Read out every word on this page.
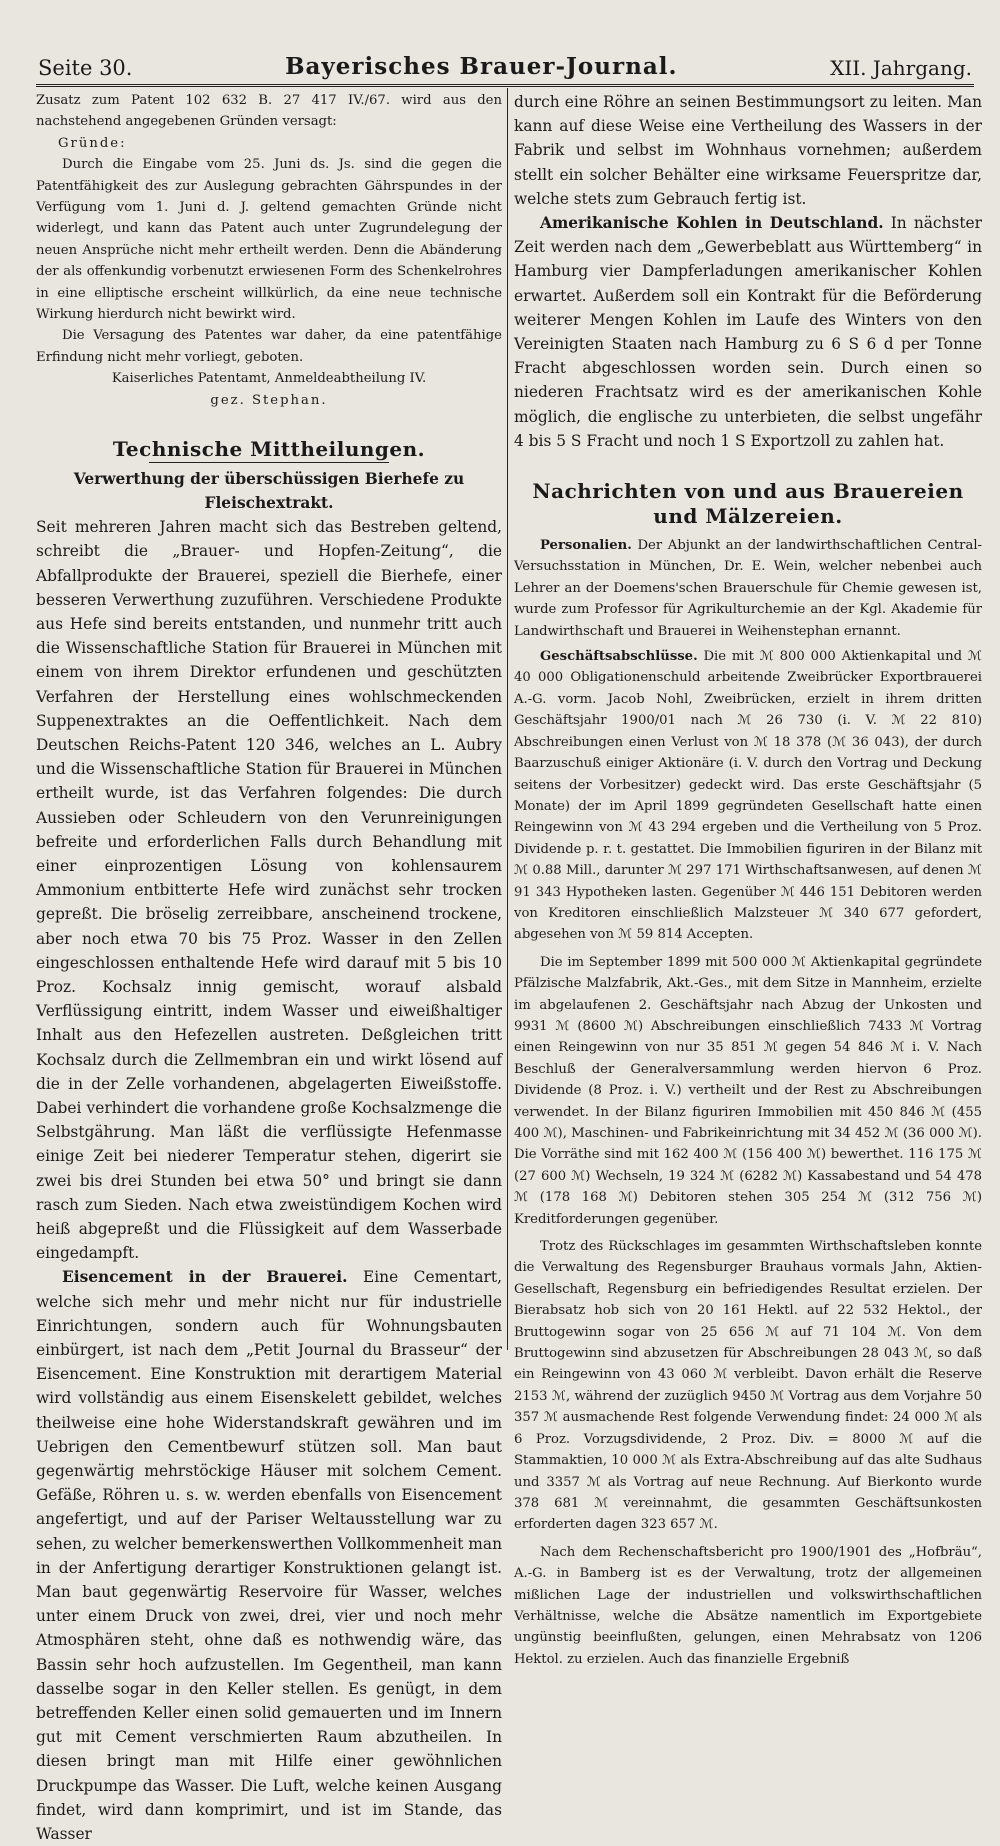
Seite 30.	Bayerisches Brauer-Journal.	XII. Jahrgang.

Zusatz zum Patent 102 632 B. 27 417 IV./67. wird aus den nachstehend angegebenen Gründen versagt:

Gründe:

Durch die Eingabe vom 25. Juni ds. Js. sind die gegen die Patentfähigkeit des zur Auslegung gebrachten Gährspundes in der Verfügung vom 1. Juni d. J. geltend gemachten Gründe nicht widerlegt, und kann das Patent auch unter Zugrundelegung der neuen Ansprüche nicht mehr ertheilt werden. Denn die Abänderung der als offenkundig vorbenutzt erwiesenen Form des Schenkelrohres in eine elliptische erscheint willkürlich, da eine neue technische Wirkung hierdurch nicht bewirkt wird.

Die Versagung des Patentes war daher, da eine patentfähige Erfindung nicht mehr vorliegt, geboten.

Kaiserliches Patentamt, Anmeldeabtheilung IV.

gez. Stephan.

Technische Mittheilungen.

Verwerthung der überschüssigen Bierhefe zu Fleischextrakt.

Seit mehreren Jahren macht sich das Bestreben geltend, schreibt die „Brauer- und Hopfen-Zeitung“, die Abfallprodukte der Brauerei, speziell die Bierhefe, einer besseren Verwerthung zuzuführen. Verschiedene Produkte aus Hefe sind bereits entstanden, und nunmehr tritt auch die Wissenschaftliche Station für Brauerei in München mit einem von ihrem Direktor erfundenen und geschützten Verfahren der Herstellung eines wohlschmeckenden Suppenextraktes an die Oeffentlichkeit. Nach dem Deutschen Reichs-Patent 120 346, welches an L. Aubry und die Wissenschaftliche Station für Brauerei in München ertheilt wurde, ist das Verfahren folgendes: Die durch Aussieben oder Schleudern von den Verunreinigungen befreite und erforderlichen Falls durch Behandlung mit einer einprozentigen Lösung von kohlensaurem Ammonium entbitterte Hefe wird zunächst sehr trocken gepreßt. Die bröselig zerreibbare, anscheinend trockene, aber noch etwa 70 bis 75 Proz. Wasser in den Zellen eingeschlossen enthaltende Hefe wird darauf mit 5 bis 10 Proz. Kochsalz innig gemischt, worauf alsbald Verflüssigung eintritt, indem Wasser und eiweißhaltiger Inhalt aus den Hefezellen austreten. Deßgleichen tritt Kochsalz durch die Zellmembran ein und wirkt lösend auf die in der Zelle vorhandenen, abgelagerten Eiweißstoffe. Dabei verhindert die vorhandene große Kochsalzmenge die Selbstgährung. Man läßt die verflüssigte Hefenmasse einige Zeit bei niederer Temperatur stehen, digerirt sie zwei bis drei Stunden bei etwa 50° und bringt sie dann rasch zum Sieden. Nach etwa zweistündigem Kochen wird heiß abgepreßt und die Flüssigkeit auf dem Wasserbade eingedampft.

Eisencement in der Brauerei. Eine Cementart, welche sich mehr und mehr nicht nur für industrielle Einrichtungen, sondern auch für Wohnungsbauten einbürgert, ist nach dem „Petit Journal du Brasseur“ der Eisencement. Eine Konstruktion mit derartigem Material wird vollständig aus einem Eisenskelett gebildet, welches theilweise eine hohe Widerstandskraft gewähren und im Uebrigen den Cementbewurf stützen soll. Man baut gegenwärtig mehrstöckige Häuser mit solchem Cement. Gefäße, Röhren u. s. w. werden ebenfalls von Eisencement angefertigt, und auf der Pariser Weltausstellung war zu sehen, zu welcher bemerkenswerthen Vollkommenheit man in der Anfertigung derartiger Konstruktionen gelangt ist. Man baut gegenwärtig Reservoire für Wasser, welches unter einem Druck von zwei, drei, vier und noch mehr Atmosphären steht, ohne daß es nothwendig wäre, das Bassin sehr hoch aufzustellen. Im Gegentheil, man kann dasselbe sogar in den Keller stellen. Es genügt, in dem betreffenden Keller einen solid gemauerten und im Innern gut mit Cement verschmierten Raum abzutheilen. In diesen bringt man mit Hilfe einer gewöhnlichen Druckpumpe das Wasser. Die Luft, welche keinen Ausgang findet, wird dann komprimirt, und ist im Stande, das Wasser

durch eine Röhre an seinen Bestimmungsort zu leiten. Man kann auf diese Weise eine Vertheilung des Wassers in der Fabrik und selbst im Wohnhaus vornehmen; außerdem stellt ein solcher Behälter eine wirksame Feuerspritze dar, welche stets zum Gebrauch fertig ist.

Amerikanische Kohlen in Deutschland. In nächster Zeit werden nach dem „Gewerbeblatt aus Württemberg“ in Hamburg vier Dampferladungen amerikanischer Kohlen erwartet. Außerdem soll ein Kontrakt für die Beförderung weiterer Mengen Kohlen im Laufe des Winters von den Vereinigten Staaten nach Hamburg zu 6 S 6 d per Tonne Fracht abgeschlossen worden sein. Durch einen so niederen Frachtsatz wird es der amerikanischen Kohle möglich, die englische zu unterbieten, die selbst ungefähr 4 bis 5 S Fracht und noch 1 S Exportzoll zu zahlen hat.

Nachrichten von und aus Brauereien und Mälzereien.

Personalien. Der Abjunkt an der landwirthschaftlichen Central-Versuchsstation in München, Dr. E. Wein, welcher nebenbei auch Lehrer an der Doemens'schen Brauerschule für Chemie gewesen ist, wurde zum Professor für Agrikulturchemie an der Kgl. Akademie für Landwirthschaft und Brauerei in Weihenstephan ernannt.

Geschäftsabschlüsse. Die mit ℳ 800 000 Aktienkapital und ℳ 40 000 Obligationenschuld arbeitende Zweibrücker Exportbrauerei A.-G. vorm. Jacob Nohl, Zweibrücken, erzielt in ihrem dritten Geschäftsjahr 1900/01 nach ℳ 26 730 (i. V. ℳ 22 810) Abschreibungen einen Verlust von ℳ 18 378 (ℳ 36 043), der durch Baarzuschuß einiger Aktionäre (i. V. durch den Vortrag und Deckung seitens der Vorbesitzer) gedeckt wird. Das erste Geschäftsjahr (5 Monate) der im April 1899 gegründeten Gesellschaft hatte einen Reingewinn von ℳ 43 294 ergeben und die Vertheilung von 5 Proz. Dividende p. r. t. gestattet. Die Immobilien figuriren in der Bilanz mit ℳ 0.88 Mill., darunter ℳ 297 171 Wirthschaftsanwesen, auf denen ℳ 91 343 Hypotheken lasten. Gegenüber ℳ 446 151 Debitoren werden von Kreditoren einschließlich Malzsteuer ℳ 340 677 gefordert, abgesehen von ℳ 59 814 Accepten.

Die im September 1899 mit 500 000 ℳ Aktienkapital gegründete Pfälzische Malzfabrik, Akt.-Ges., mit dem Sitze in Mannheim, erzielte im abgelaufenen 2. Geschäftsjahr nach Abzug der Unkosten und 9931 ℳ (8600 ℳ) Abschreibungen einschließlich 7433 ℳ Vortrag einen Reingewinn von nur 35 851 ℳ gegen 54 846 ℳ i. V. Nach Beschluß der Generalversammlung werden hiervon 6 Proz. Dividende (8 Proz. i. V.) vertheilt und der Rest zu Abschreibungen verwendet. In der Bilanz figuriren Immobilien mit 450 846 ℳ (455 400 ℳ), Maschinen- und Fabrikeinrichtung mit 34 452 ℳ (36 000 ℳ). Die Vorräthe sind mit 162 400 ℳ (156 400 ℳ) bewerthet. 116 175 ℳ (27 600 ℳ) Wechseln, 19 324 ℳ (6282 ℳ) Kassabestand und 54 478 ℳ (178 168 ℳ) Debitoren stehen 305 254 ℳ (312 756 ℳ) Kreditforderungen gegenüber.

Trotz des Rückschlages im gesammten Wirthschaftsleben konnte die Verwaltung des Regensburger Brauhaus vormals Jahn, Aktien-Gesellschaft, Regensburg ein befriedigendes Resultat erzielen. Der Bierabsatz hob sich von 20 161 Hektl. auf 22 532 Hektol., der Bruttogewinn sogar von 25 656 ℳ auf 71 104 ℳ. Von dem Bruttogewinn sind abzusetzen für Abschreibungen 28 043 ℳ, so daß ein Reingewinn von 43 060 ℳ verbleibt. Davon erhält die Reserve 2153 ℳ, während der zuzüglich 9450 ℳ Vortrag aus dem Vorjahre 50 357 ℳ ausmachende Rest folgende Verwendung findet: 24 000 ℳ als 6 Proz. Vorzugsdividende, 2 Proz. Div. = 8000 ℳ auf die Stammaktien, 10 000 ℳ als Extra-Abschreibung auf das alte Sudhaus und 3357 ℳ als Vortrag auf neue Rechnung. Auf Bierkonto wurde 378 681 ℳ vereinnahmt, die gesammten Geschäftsunkosten erforderten dagen 323 657 ℳ.

Nach dem Rechenschaftsbericht pro 1900/1901 des „Hofbräu“, A.-G. in Bamberg ist es der Verwaltung, trotz der allgemeinen mißlichen Lage der industriellen und volkswirthschaftlichen Verhältnisse, welche die Absätze namentlich im Exportgebiete ungünstig beeinflußten, gelungen, einen Mehrabsatz von 1206 Hektol. zu erzielen. Auch das finanzielle Ergebniß
